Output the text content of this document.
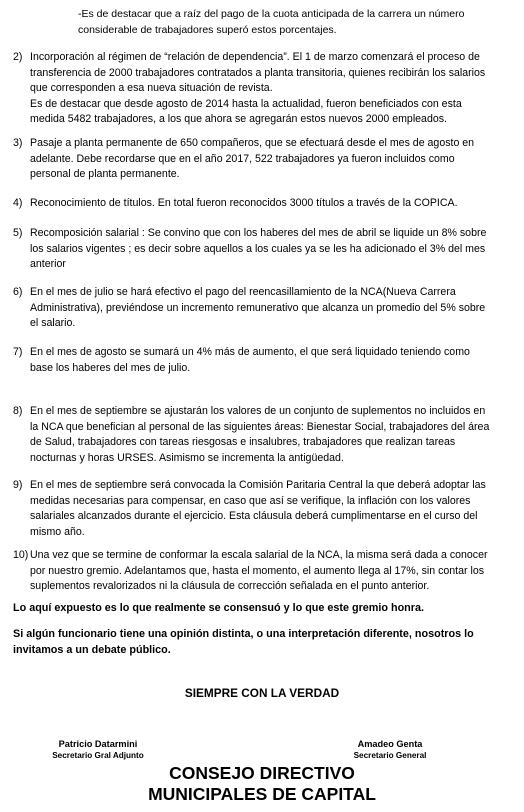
-Es de destacar que a raíz del pago de la cuota anticipada de la carrera un número
considerable de trabajadores superó estos porcentajes.
2) Incorporación al régimen de “relación de dependencia”. El 1 de marzo comenzará el proceso de
transferencia de 2000 trabajadores contratados a planta transitoria, quienes recibirán los salarios
que corresponden a esa nueva situación de revista.
Es de destacar que desde agosto de 2014 hasta la actualidad, fueron beneficiados con esta
medida 5482 trabajadores, a los que ahora se agregarán estos nuevos 2000 empleados.
3) Pasaje a planta permanente de 650 compañeros, que se efectuará desde el mes de agosto en
adelante. Debe recordarse que en el año 2017, 522 trabajadores ya fueron incluidos como
personal de planta permanente.
4) Reconocimiento de títulos. En total fueron reconocidos 3000 títulos a través de la COPICA.
5) Recomposición salarial : Se convino que con los haberes del mes de abril se liquide un 8% sobre
los salarios vigentes ; es decir sobre aquellos a los cuales ya se les ha adicionado el 3% del mes
anterior
6) En el mes de julio se hará efectivo el pago del reencasillamiento de la NCA(Nueva Carrera
Administrativa), previéndose un incremento remunerativo que alcanza un promedio del 5% sobre
el salario.
7) En el mes de agosto se sumará un 4% más de aumento, el que será liquidado teniendo como
base los haberes del mes de julio.
8) En el mes de septiembre se ajustarán los valores de un conjunto de suplementos no incluidos en
la NCA que benefician al personal de las siguientes áreas: Bienestar Social, trabajadores del área
de Salud, trabajadores con tareas riesgosas e insalubres, trabajadores que realizan tareas
nocturnas y horas URSES. Asimismo se incrementa la antigüedad.
9) En el mes de septiembre será convocada la Comisión Paritaria Central la que deberá adoptar las
medidas necesarias para compensar, en caso que así se verifique, la inflación con los valores
salariales alcanzados durante el ejercicio. Esta cláusula deberá cumplimentarse en el curso del
mismo año.
10) Una vez que se termine de conformar la escala salarial de la NCA, la misma será dada a conocer
por nuestro gremio. Adelantamos que, hasta el momento, el aumento llega al 17%, sin contar los
suplementos revalorizados ni la cláusula de corrección señalada en el punto anterior.
Lo aquí expuesto es lo que realmente se consensuó y lo que este gremio honra.
Si algún funcionario tiene una opinión distinta, o una interpretación diferente, nosotros lo
invitamos a un debate público.
SIEMPRE CON LA VERDAD
Patricio Datarmini
Secretario Gral Adjunto
Amadeo Genta
Secretario General
CONSEJO DIRECTIVO
MUNICIPALES DE CAPITAL
